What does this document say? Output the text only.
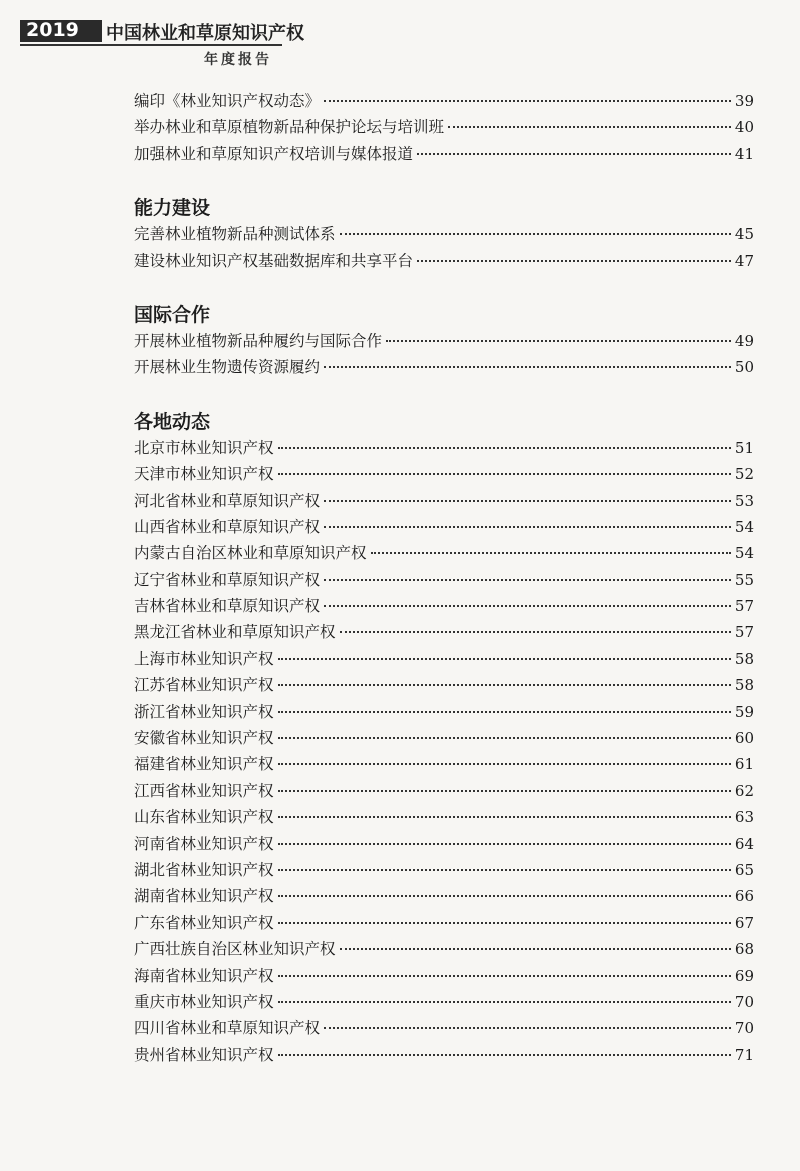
2019 中国林业和草原知识产权
年度报告
编印《林业知识产权动态》	39
举办林业和草原植物新品种保护论坛与培训班	40
加强林业和草原知识产权培训与媒体报道	41
能力建设
完善林业植物新品种测试体系	45
建设林业知识产权基础数据库和共享平台	47
国际合作
开展林业植物新品种履约与国际合作	49
开展林业生物遗传资源履约	50
各地动态
北京市林业知识产权	51
天津市林业知识产权	52
河北省林业和草原知识产权	53
山西省林业和草原知识产权	54
内蒙古自治区林业和草原知识产权	54
辽宁省林业和草原知识产权	55
吉林省林业和草原知识产权	57
黑龙江省林业和草原知识产权	57
上海市林业知识产权	58
江苏省林业知识产权	58
浙江省林业知识产权	59
安徽省林业知识产权	60
福建省林业知识产权	61
江西省林业知识产权	62
山东省林业知识产权	63
河南省林业知识产权	64
湖北省林业知识产权	65
湖南省林业知识产权	66
广东省林业知识产权	67
广西壮族自治区林业知识产权	68
海南省林业知识产权	69
重庆市林业知识产权	70
四川省林业和草原知识产权	70
贵州省林业知识产权	71
